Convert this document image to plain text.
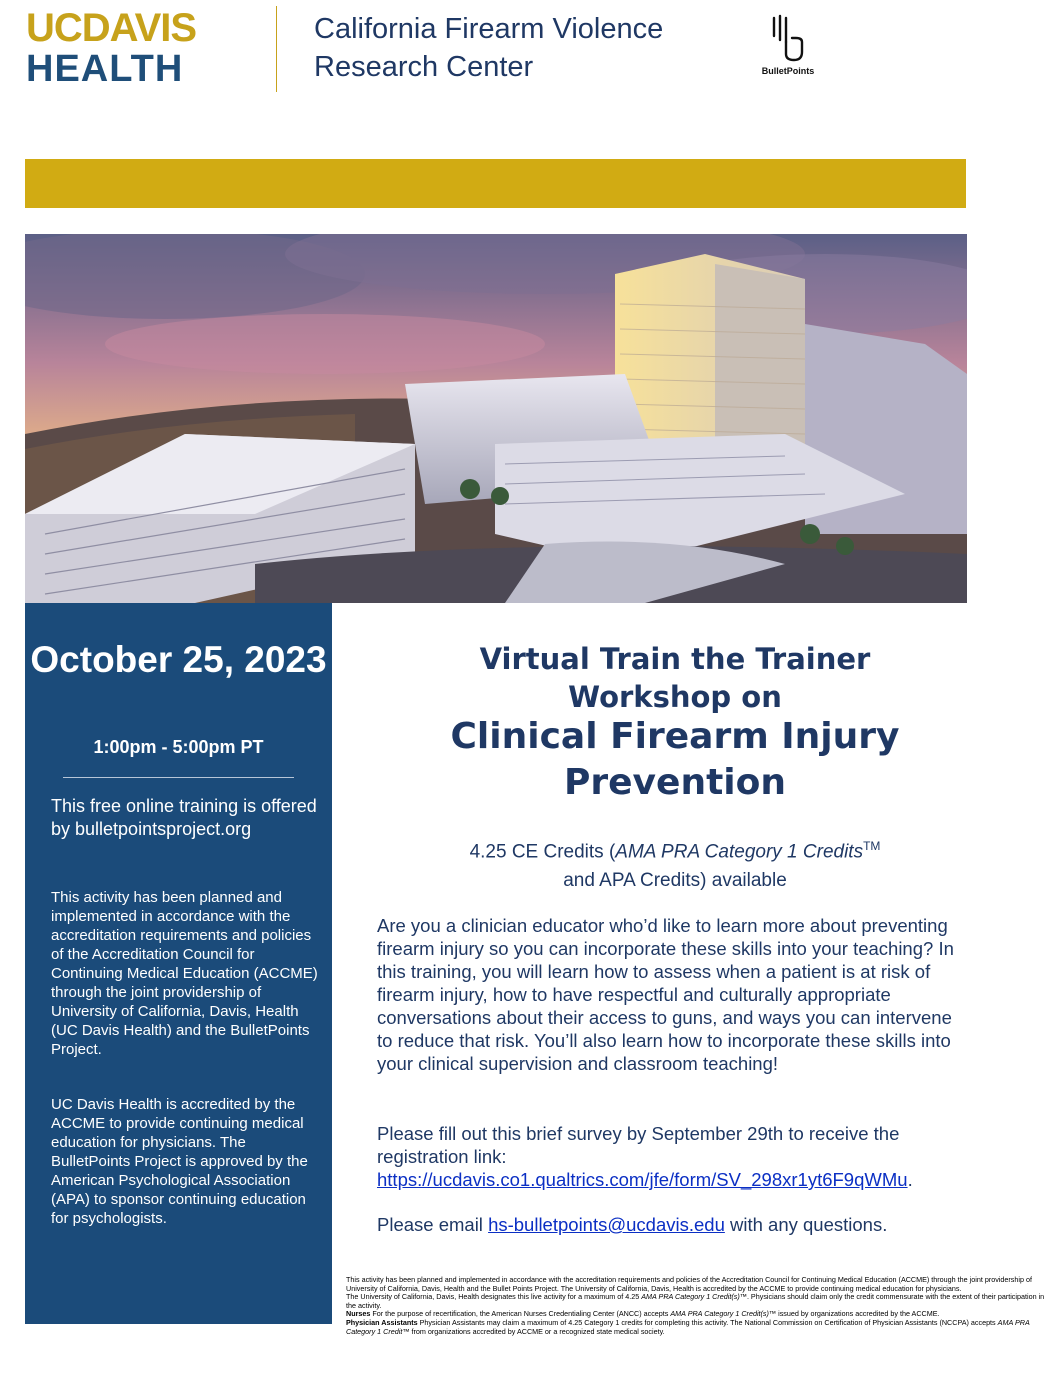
UCDAVIS
HEALTH
California Firearm Violence
Research Center	BulletPoints
October 25, 2023
1:00pm - 5:00pm PT
This free online training is offered by bulletpointsproject.org
This activity has been planned and implemented in accordance with the accreditation requirements and policies of the Accreditation Council for Continuing Medical Education (ACCME) through the joint providership of University of California, Davis, Health (UC Davis Health) and the BulletPoints Project.
UC Davis Health is accredited by the ACCME to provide continuing medical education for physicians. The BulletPoints Project is approved by the American Psychological Association (APA) to sponsor continuing education for psychologists.
Virtual Train the Trainer
Workshop on
Clinical Firearm Injury
Prevention
4.25 CE Credits (AMA PRA Category 1 Credits™
and APA Credits) available
Are you a clinician educator who’d like to learn more about preventing firearm injury so you can incorporate these skills into your teaching? In this training, you will learn how to assess when a patient is at risk of firearm injury, how to have respectful and culturally appropriate conversations about their access to guns, and ways you can intervene to reduce that risk. You’ll also learn how to incorporate these skills into your clinical supervision and classroom teaching!
Please fill out this brief survey by September 29th to receive the registration link:
https://ucdavis.co1.qualtrics.com/jfe/form/SV_298xr1yt6F9qWMu.
Please email hs-bulletpoints@ucdavis.edu with any questions.

This activity has been planned and implemented in accordance with the accreditation requirements and policies of the Accreditation Council for Continuing Medical Education (ACCME) through the joint providership of University of California, Davis, Health and the Bullet Points Project. The University of California, Davis, Health is accredited by the ACCME to provide continuing medical education for physicians.

The University of California, Davis, Health designates this live activity for a maximum of 4.25 AMA PRA Category 1 Credit(s)™. Physicians should claim only the credit commensurate with the extent of their participation in the activity.

Nurses For the purpose of recertification, the American Nurses Credentialing Center (ANCC) accepts AMA PRA Category 1 Credit(s)™ issued by organizations accredited by the ACCME.

Physician Assistants Physician Assistants may claim a maximum of 4.25 Category 1 credits for completing this activity. The National Commission on Certification of Physician Assistants (NCCPA) accepts AMA PRA Category 1 Credit™ from organizations accredited by ACCME or a recognized state medical society.
